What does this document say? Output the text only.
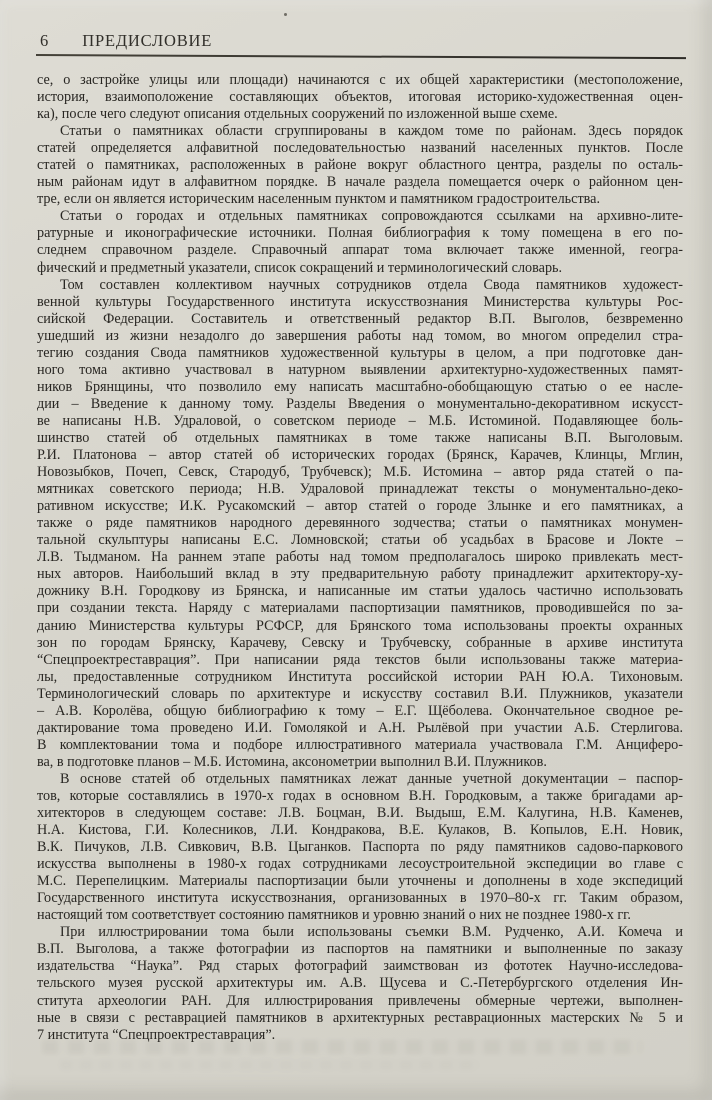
6 ПРЕДИСЛОВИЕ
се, о застройке улицы или площади) начинаются с их общей характеристики (местоположение,
история, взаимоположение составляющих объектов, итоговая историко-художественная оцен-
ка), после чего следуют описания отдельных сооружений по изложенной выше схеме.
Статьи о памятниках области сгруппированы в каждом томе по районам. Здесь порядок
статей определяется алфавитной последовательностью названий населенных пунктов. После
статей о памятниках, расположенных в районе вокруг областного центра, разделы по осталь-
ным районам идут в алфавитном порядке. В начале раздела помещается очерк о районном цен-
тре, если он является историческим населенным пунктом и памятником градостроительства.
Статьи о городах и отдельных памятниках сопровождаются ссылками на архивно-лите-
ратурные и иконографические источники. Полная библиография к тому помещена в его по-
следнем справочном разделе. Справочный аппарат тома включает также именной, геогра-
фический и предметный указатели, список сокращений и терминологический словарь.
Том составлен коллективом научных сотрудников отдела Свода памятников художест-
венной культуры Государственного института искусствознания Министерства культуры Рос-
сийской Федерации. Составитель и ответственный редактор В.П. Выголов, безвременно
ушедший из жизни незадолго до завершения работы над томом, во многом определил стра-
тегию создания Свода памятников художественной культуры в целом, а при подготовке дан-
ного тома активно участвовал в натурном выявлении архитектурно-художественных памят-
ников Брянщины, что позволило ему написать масштабно-обобщающую статью о ее насле-
дии – Введение к данному тому. Разделы Введения о монументально-декоративном искусст-
ве написаны Н.В. Удраловой, о советском периоде – М.Б. Истоминой. Подавляющее боль-
шинство статей об отдельных памятниках в томе также написаны В.П. Выголовым.
Р.И. Платонова – автор статей об исторических городах (Брянск, Карачев, Клинцы, Мглин,
Новозыбков, Почеп, Севск, Стародуб, Трубчевск); М.Б. Истомина – автор ряда статей о па-
мятниках советского периода; Н.В. Удраловой принадлежат тексты о монументально-деко-
ративном искусстве; И.К. Русакомский – автор статей о городе Злынке и его памятниках, а
также о ряде памятников народного деревянного зодчества; статьи о памятниках монумен-
тальной скульптуры написаны Е.С. Ломновской; статьи об усадьбах в Брасове и Локте –
Л.В. Тыдманом. На раннем этапе работы над томом предполагалось широко привлекать мест-
ных авторов. Наибольший вклад в эту предварительную работу принадлежит архитектору-ху-
дожнику В.Н. Городкову из Брянска, и написанные им статьи удалось частично использовать
при создании текста. Наряду с материалами паспортизации памятников, проводившейся по за-
данию Министерства культуры РСФСР, для Брянского тома использованы проекты охранных
зон по городам Брянску, Карачеву, Севску и Трубчевску, собранные в архиве института
“Спецпроектреставрация”. При написании ряда текстов были использованы также материа-
лы, предоставленные сотрудником Института российской истории РАН Ю.А. Тихоновым.
Терминологический словарь по архитектуре и искусству составил В.И. Плужников, указатели
– А.В. Королёва, общую библиографию к тому – Е.Г. Щёболева. Окончательное сводное ре-
дактирование тома проведено И.И. Гомолякой и А.Н. Рылёвой при участии А.Б. Стерлигова.
В комплектовании тома и подборе иллюстративного материала участвовала Г.М. Анциферо-
ва, в подготовке планов – М.Б. Истомина, аксонометрии выполнил В.И. Плужников.
В основе статей об отдельных памятниках лежат данные учетной документации – паспор-
тов, которые составлялись в 1970-х годах в основном В.Н. Городковым, а также бригадами ар-
хитекторов в следующем составе: Л.В. Боцман, В.И. Выдыш, Е.М. Калугина, Н.В. Каменев,
Н.А. Кистова, Г.И. Колесников, Л.И. Кондракова, В.Е. Кулаков, В. Копылов, Е.Н. Новик,
В.К. Пичуков, Л.В. Сивкович, В.В. Цыганков. Паспорта по ряду памятников садово-паркового
искусства выполнены в 1980-х годах сотрудниками лесоустроительной экспедиции во главе с
М.С. Перепелицким. Материалы паспортизации были уточнены и дополнены в ходе экспедиций
Государственного института искусствознания, организованных в 1970–80-х гг. Таким образом,
настоящий том соответствует состоянию памятников и уровню знаний о них не позднее 1980-х гг.
При иллюстрировании тома были использованы съемки В.М. Рудченко, А.И. Комеча и
В.П. Выголова, а также фотографии из паспортов на памятники и выполненные по заказу
издательства “Наука”. Ряд старых фотографий заимствован из фототек Научно-исследова-
тельского музея русской архитектуры им. А.В. Щусева и С.-Петербургского отделения Ин-
ститута археологии РАН. Для иллюстрирования привлечены обмерные чертежи, выполнен-
ные в связи с реставрацией памятников в архитектурных реставрационных мастерских № 5 и
7 института “Спецпроектреставрация”.
